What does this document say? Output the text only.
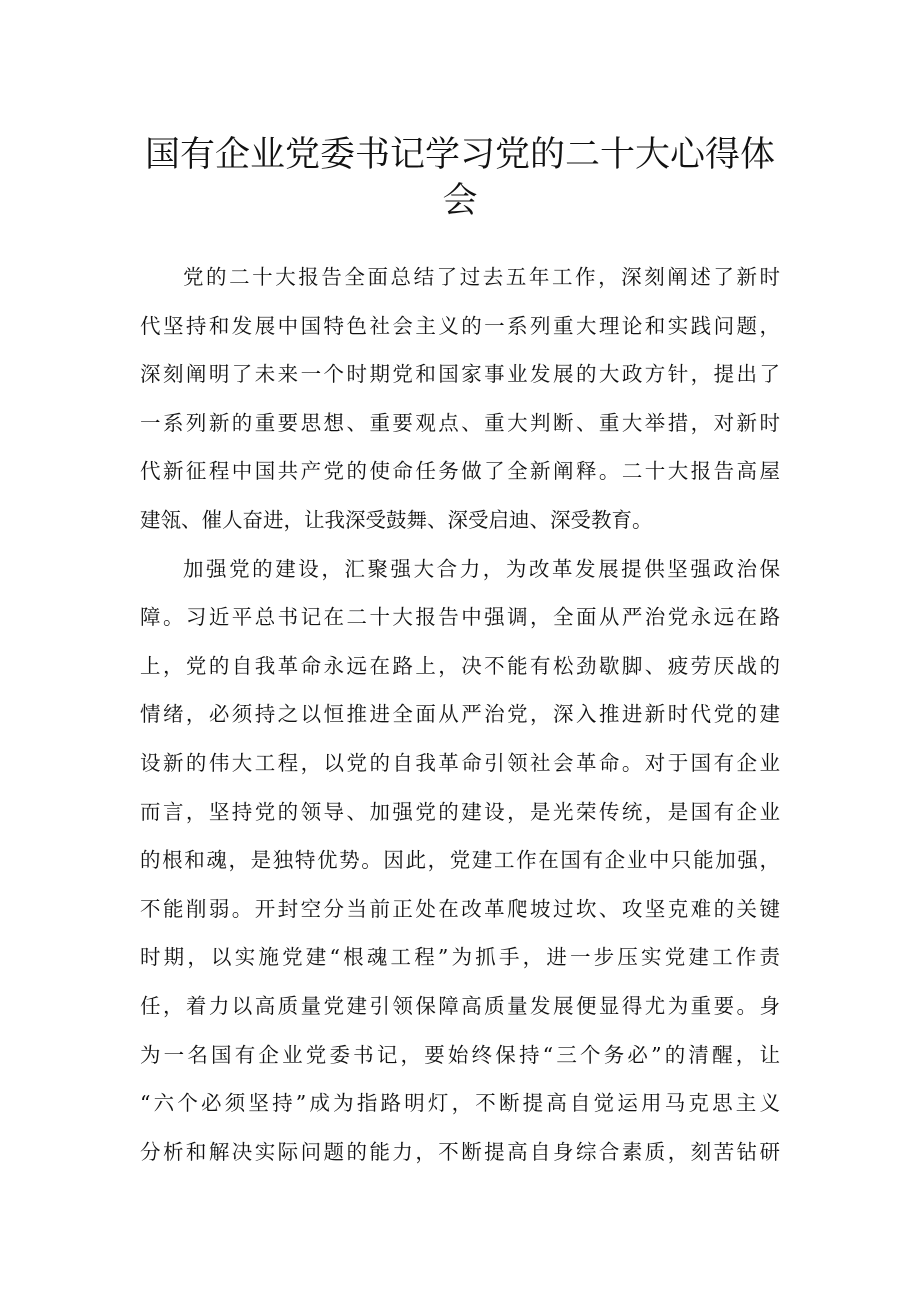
国有企业党委书记学习党的二十大心得体
会

党的二十大报告全面总结了过去五年工作，深刻阐述了新时
代坚持和发展中国特色社会主义的一系列重大理论和实践问题，
深刻阐明了未来一个时期党和国家事业发展的大政方针，提出了
一系列新的重要思想、重要观点、重大判断、重大举措，对新时
代新征程中国共产党的使命任务做了全新阐释。二十大报告高屋
建瓴、催人奋进，让我深受鼓舞、深受启迪、深受教育。

加强党的建设，汇聚强大合力，为改革发展提供坚强政治保
障。习近平总书记在二十大报告中强调，全面从严治党永远在路
上，党的自我革命永远在路上，决不能有松劲歇脚、疲劳厌战的
情绪，必须持之以恒推进全面从严治党，深入推进新时代党的建
设新的伟大工程，以党的自我革命引领社会革命。对于国有企业
而言，坚持党的领导、加强党的建设，是光荣传统，是国有企业
的根和魂，是独特优势。因此，党建工作在国有企业中只能加强，
不能削弱。开封空分当前正处在改革爬坡过坎、攻坚克难的关键
时期，以实施党建“根魂工程”为抓手，进一步压实党建工作责
任，着力以高质量党建引领保障高质量发展便显得尤为重要。身
为一名国有企业党委书记，要始终保持“三个务必”的清醒，让
“六个必须坚持”成为指路明灯，不断提高自觉运用马克思主义
分析和解决实际问题的能力，不断提高自身综合素质，刻苦钻研
